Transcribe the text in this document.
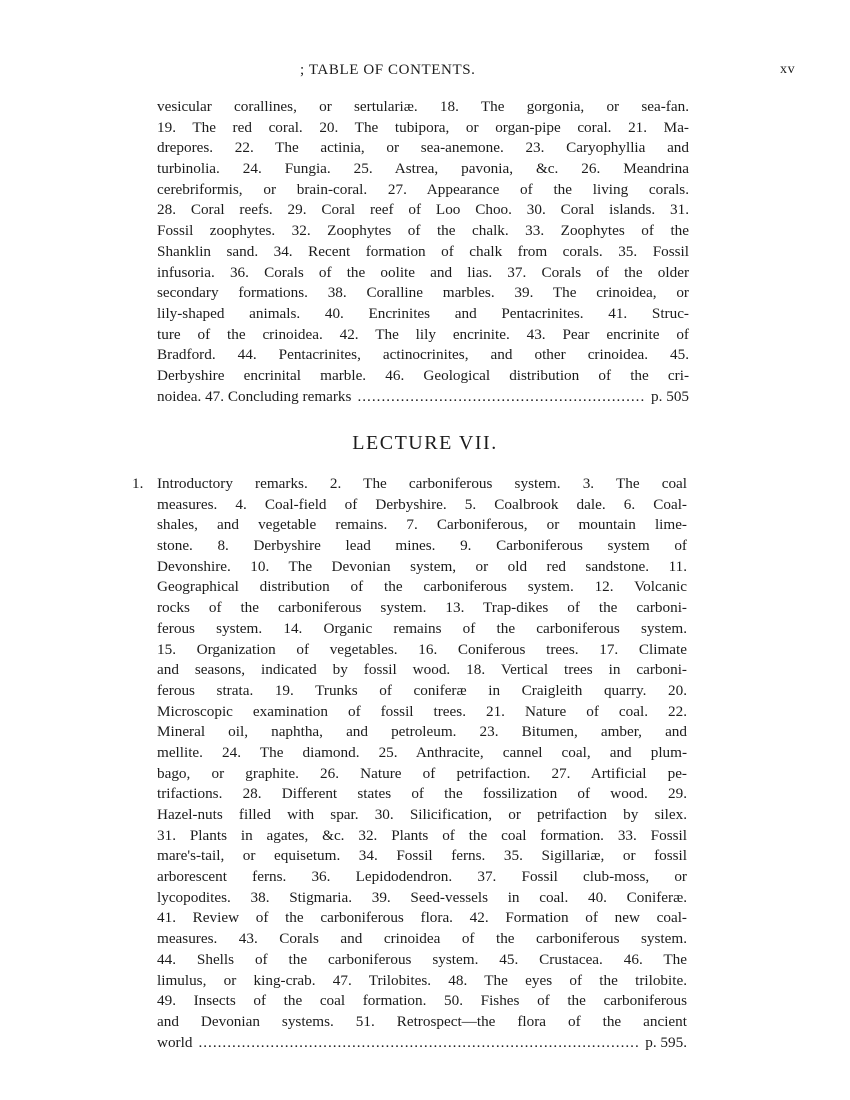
; TABLE OF CONTENTS.	xv
vesicular corallines, or sertulariæ. 18. The gorgonia, or sea-fan.
19. The red coral. 20. The tubipora, or organ-pipe coral. 21. Ma-
drepores. 22. The actinia, or sea-anemone. 23. Caryophyllia and
turbinolia. 24. Fungia. 25. Astrea, pavonia, &c. 26. Meandrina
cerebriformis, or brain-coral. 27. Appearance of the living corals.
28. Coral reefs. 29. Coral reef of Loo Choo. 30. Coral islands. 31.
Fossil zoophytes. 32. Zoophytes of the chalk. 33. Zoophytes of the
Shanklin sand. 34. Recent formation of chalk from corals. 35. Fossil
infusoria. 36. Corals of the oolite and lias. 37. Corals of the older
secondary formations. 38. Coralline marbles. 39. The crinoidea, or
lily-shaped animals. 40. Encrinites and Pentacrinites. 41. Struc-
ture of the crinoidea. 42. The lily encrinite. 43. Pear encrinite of
Bradford. 44. Pentacrinites, actinocrinites, and other crinoidea. 45.
Derbyshire encrinital marble. 46. Geological distribution of the cri-
noidea. 47. Concluding remarks .....	p. 505
LECTURE VII.
1. Introductory remarks. 2. The carboniferous system. 3. The coal
measures. 4. Coal-field of Derbyshire. 5. Coalbrook dale. 6. Coal-
shales, and vegetable remains. 7. Carboniferous, or mountain lime-
stone. 8. Derbyshire lead mines. 9. Carboniferous system of
Devonshire. 10. The Devonian system, or old red sandstone. 11.
Geographical distribution of the carboniferous system. 12. Volcanic
rocks of the carboniferous system. 13. Trap-dikes of the carboni-
ferous system. 14. Organic remains of the carboniferous system.
15. Organization of vegetables. 16. Coniferous trees. 17. Climate
and seasons, indicated by fossil wood. 18. Vertical trees in carboni-
ferous strata. 19. Trunks of coniferæ in Craigleith quarry. 20.
Microscopic examination of fossil trees. 21. Nature of coal. 22.
Mineral oil, naphtha, and petroleum. 23. Bitumen, amber, and
mellite. 24. The diamond. 25. Anthracite, cannel coal, and plum-
bago, or graphite. 26. Nature of petrifaction. 27. Artificial pe-
trifactions. 28. Different states of the fossilization of wood. 29.
Hazel-nuts filled with spar. 30. Silicification, or petrifaction by silex.
31. Plants in agates, &c. 32. Plants of the coal formation. 33. Fossil
mare's-tail, or equisetum. 34. Fossil ferns. 35. Sigillariæ, or fossil
arborescent ferns. 36. Lepidodendron. 37. Fossil club-moss, or
lycopodites. 38. Stigmaria. 39. Seed-vessels in coal. 40. Coniferæ.
41. Review of the carboniferous flora. 42. Formation of new coal-
measures. 43. Corals and crinoidea of the carboniferous system.
44. Shells of the carboniferous system. 45. Crustacea. 46. The
limulus, or king-crab. 47. Trilobites. 48. The eyes of the trilobite.
49. Insects of the coal formation. 50. Fishes of the carboniferous
and Devonian systems. 51. Retrospect—the flora of the ancient
world .....	p. 595.
